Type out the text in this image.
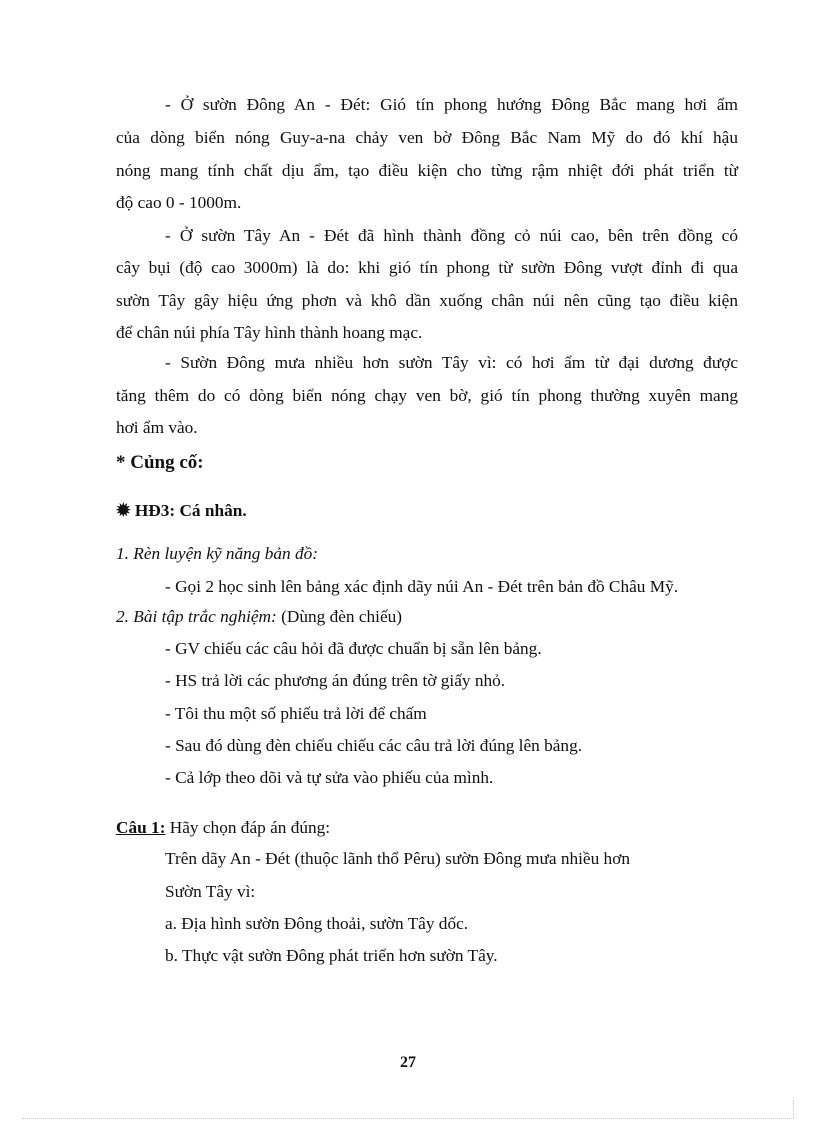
- Ở sườn Đông An - Đét: Gió tín phong hướng Đông Bắc mang hơi ẩm
của dòng biển nóng Guy-a-na chảy ven bờ Đông Bắc Nam Mỹ do đó khí hậu
nóng mang tính chất dịu ẩm, tạo điều kiện cho từng rậm nhiệt đới phát triển từ
độ cao 0 - 1000m.
- Ở sườn Tây An - Đét đã hình thành đồng cỏ núi cao, bên trên đồng có
cây bụi (độ cao 3000m) là do: khi gió tín phong từ sườn Đông vượt đỉnh đi qua
sườn Tây gây hiệu ứng phơn và khô dần xuống chân núi nên cũng tạo điều kiện
để chân núi phía Tây hình thành hoang mạc.
- Sườn Đông mưa nhiều hơn sườn Tây vì: có hơi ẩm từ đại dương được
tăng thêm do có dòng biển nóng chạy ven bờ, gió tín phong thường xuyên mang
hơi ẩm vào.
* Củng cố:
✹ HĐ3: Cá nhân.
1. Rèn luyện kỹ năng bản đồ:
- Gọi 2 học sinh lên bảng xác định dãy núi An - Đét trên bản đồ Châu Mỹ.
2. Bài tập trắc nghiệm: (Dùng đèn chiếu)
- GV chiếu các câu hỏi đã được chuẩn bị sẵn lên bảng.
- HS trả lời các phương án đúng trên tờ giấy nhỏ.
- Tôi thu một số phiếu trả lời để chấm
- Sau đó dùng đèn chiếu chiếu các câu trả lời đúng lên bảng.
- Cả lớp theo dõi và tự sửa vào phiếu của mình.
Câu 1: Hãy chọn đáp án đúng:
Trên dãy An - Đét (thuộc lãnh thổ Pêru) sườn Đông mưa nhiều hơn
Sườn Tây vì:
a. Địa hình sườn Đông thoải, sườn Tây dốc.
b. Thực vật sườn Đông phát triển hơn sườn Tây.
27
